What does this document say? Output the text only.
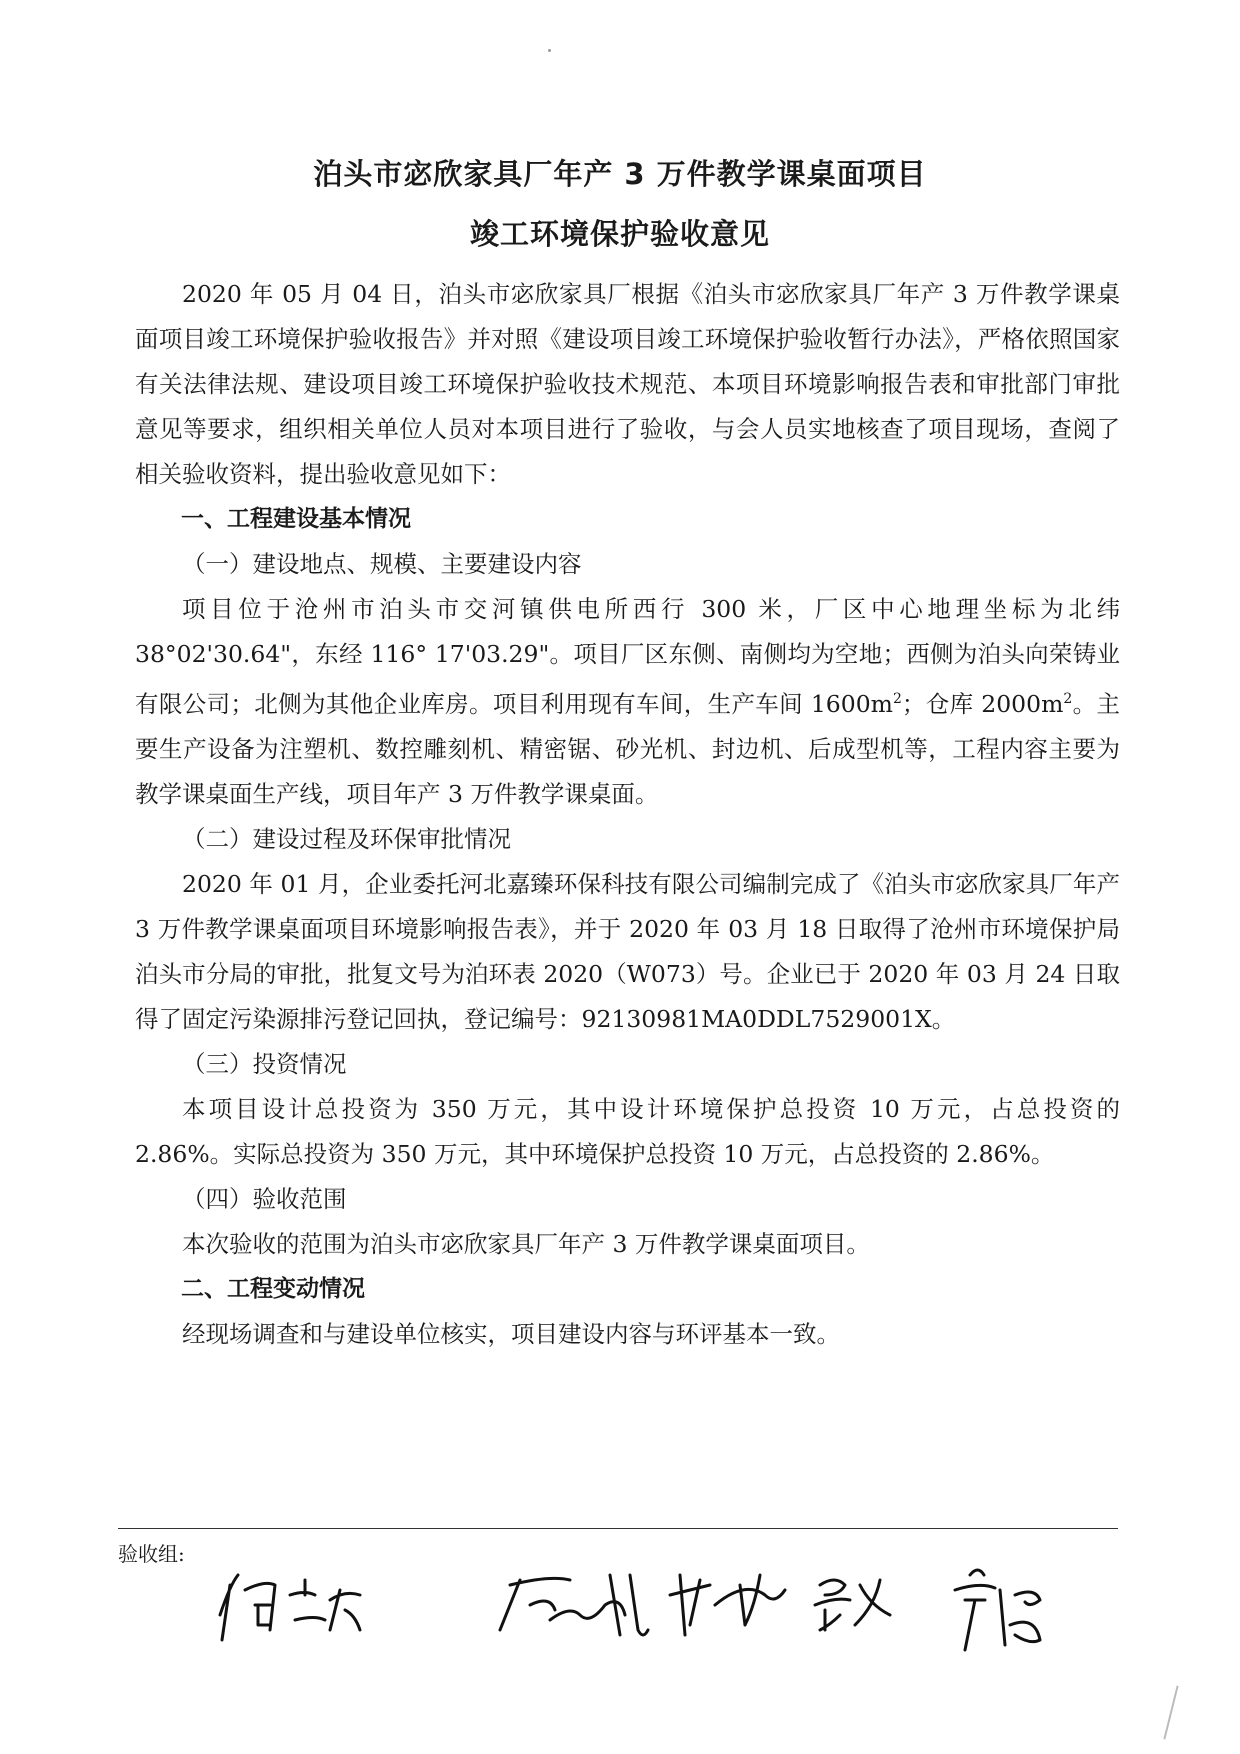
泊头市宓欣家具厂年产 3 万件教学课桌面项目
竣工环境保护验收意见

2020 年 05 月 04 日，泊头市宓欣家具厂根据《泊头市宓欣家具厂年产 3 万件教学课桌面项目竣工环境保护验收报告》并对照《建设项目竣工环境保护验收暂行办法》，严格依照国家有关法律法规、建设项目竣工环境保护验收技术规范、本项目环境影响报告表和审批部门审批意见等要求，组织相关单位人员对本项目进行了验收，与会人员实地核查了项目现场，查阅了相关验收资料，提出验收意见如下：

一、工程建设基本情况

（一）建设地点、规模、主要建设内容

项目位于沧州市泊头市交河镇供电所西行 300 米，厂区中心地理坐标为北纬 38°02'30.64"，东经 116° 17'03.29"。项目厂区东侧、南侧均为空地；西侧为泊头向荣铸业有限公司；北侧为其他企业库房。项目利用现有车间，生产车间 $1600m^2$；仓库 $2000m^2$。主要生产设备为注塑机、数控雕刻机、精密锯、砂光机、封边机、后成型机等，工程内容主要为教学课桌面生产线，项目年产 3 万件教学课桌面。

（二）建设过程及环保审批情况

2020 年 01 月，企业委托河北嘉臻环保科技有限公司编制完成了《泊头市宓欣家具厂年产 3 万件教学课桌面项目环境影响报告表》，并于 2020 年 03 月 18 日取得了沧州市环境保护局泊头市分局的审批，批复文号为泊环表 2020（W073）号。企业已于 2020 年 03 月 24 日取得了固定污染源排污登记回执，登记编号：92130981MA0DDL7529001X。

（三）投资情况

本项目设计总投资为 350 万元，其中设计环境保护总投资 10 万元，占总投资的 2.86%。实际总投资为 350 万元，其中环境保护总投资 10 万元，占总投资的 2.86%。

（四）验收范围

本次验收的范围为泊头市宓欣家具厂年产 3 万件教学课桌面项目。

二、工程变动情况

经现场调查和与建设单位核实，项目建设内容与环评基本一致。

验收组:
